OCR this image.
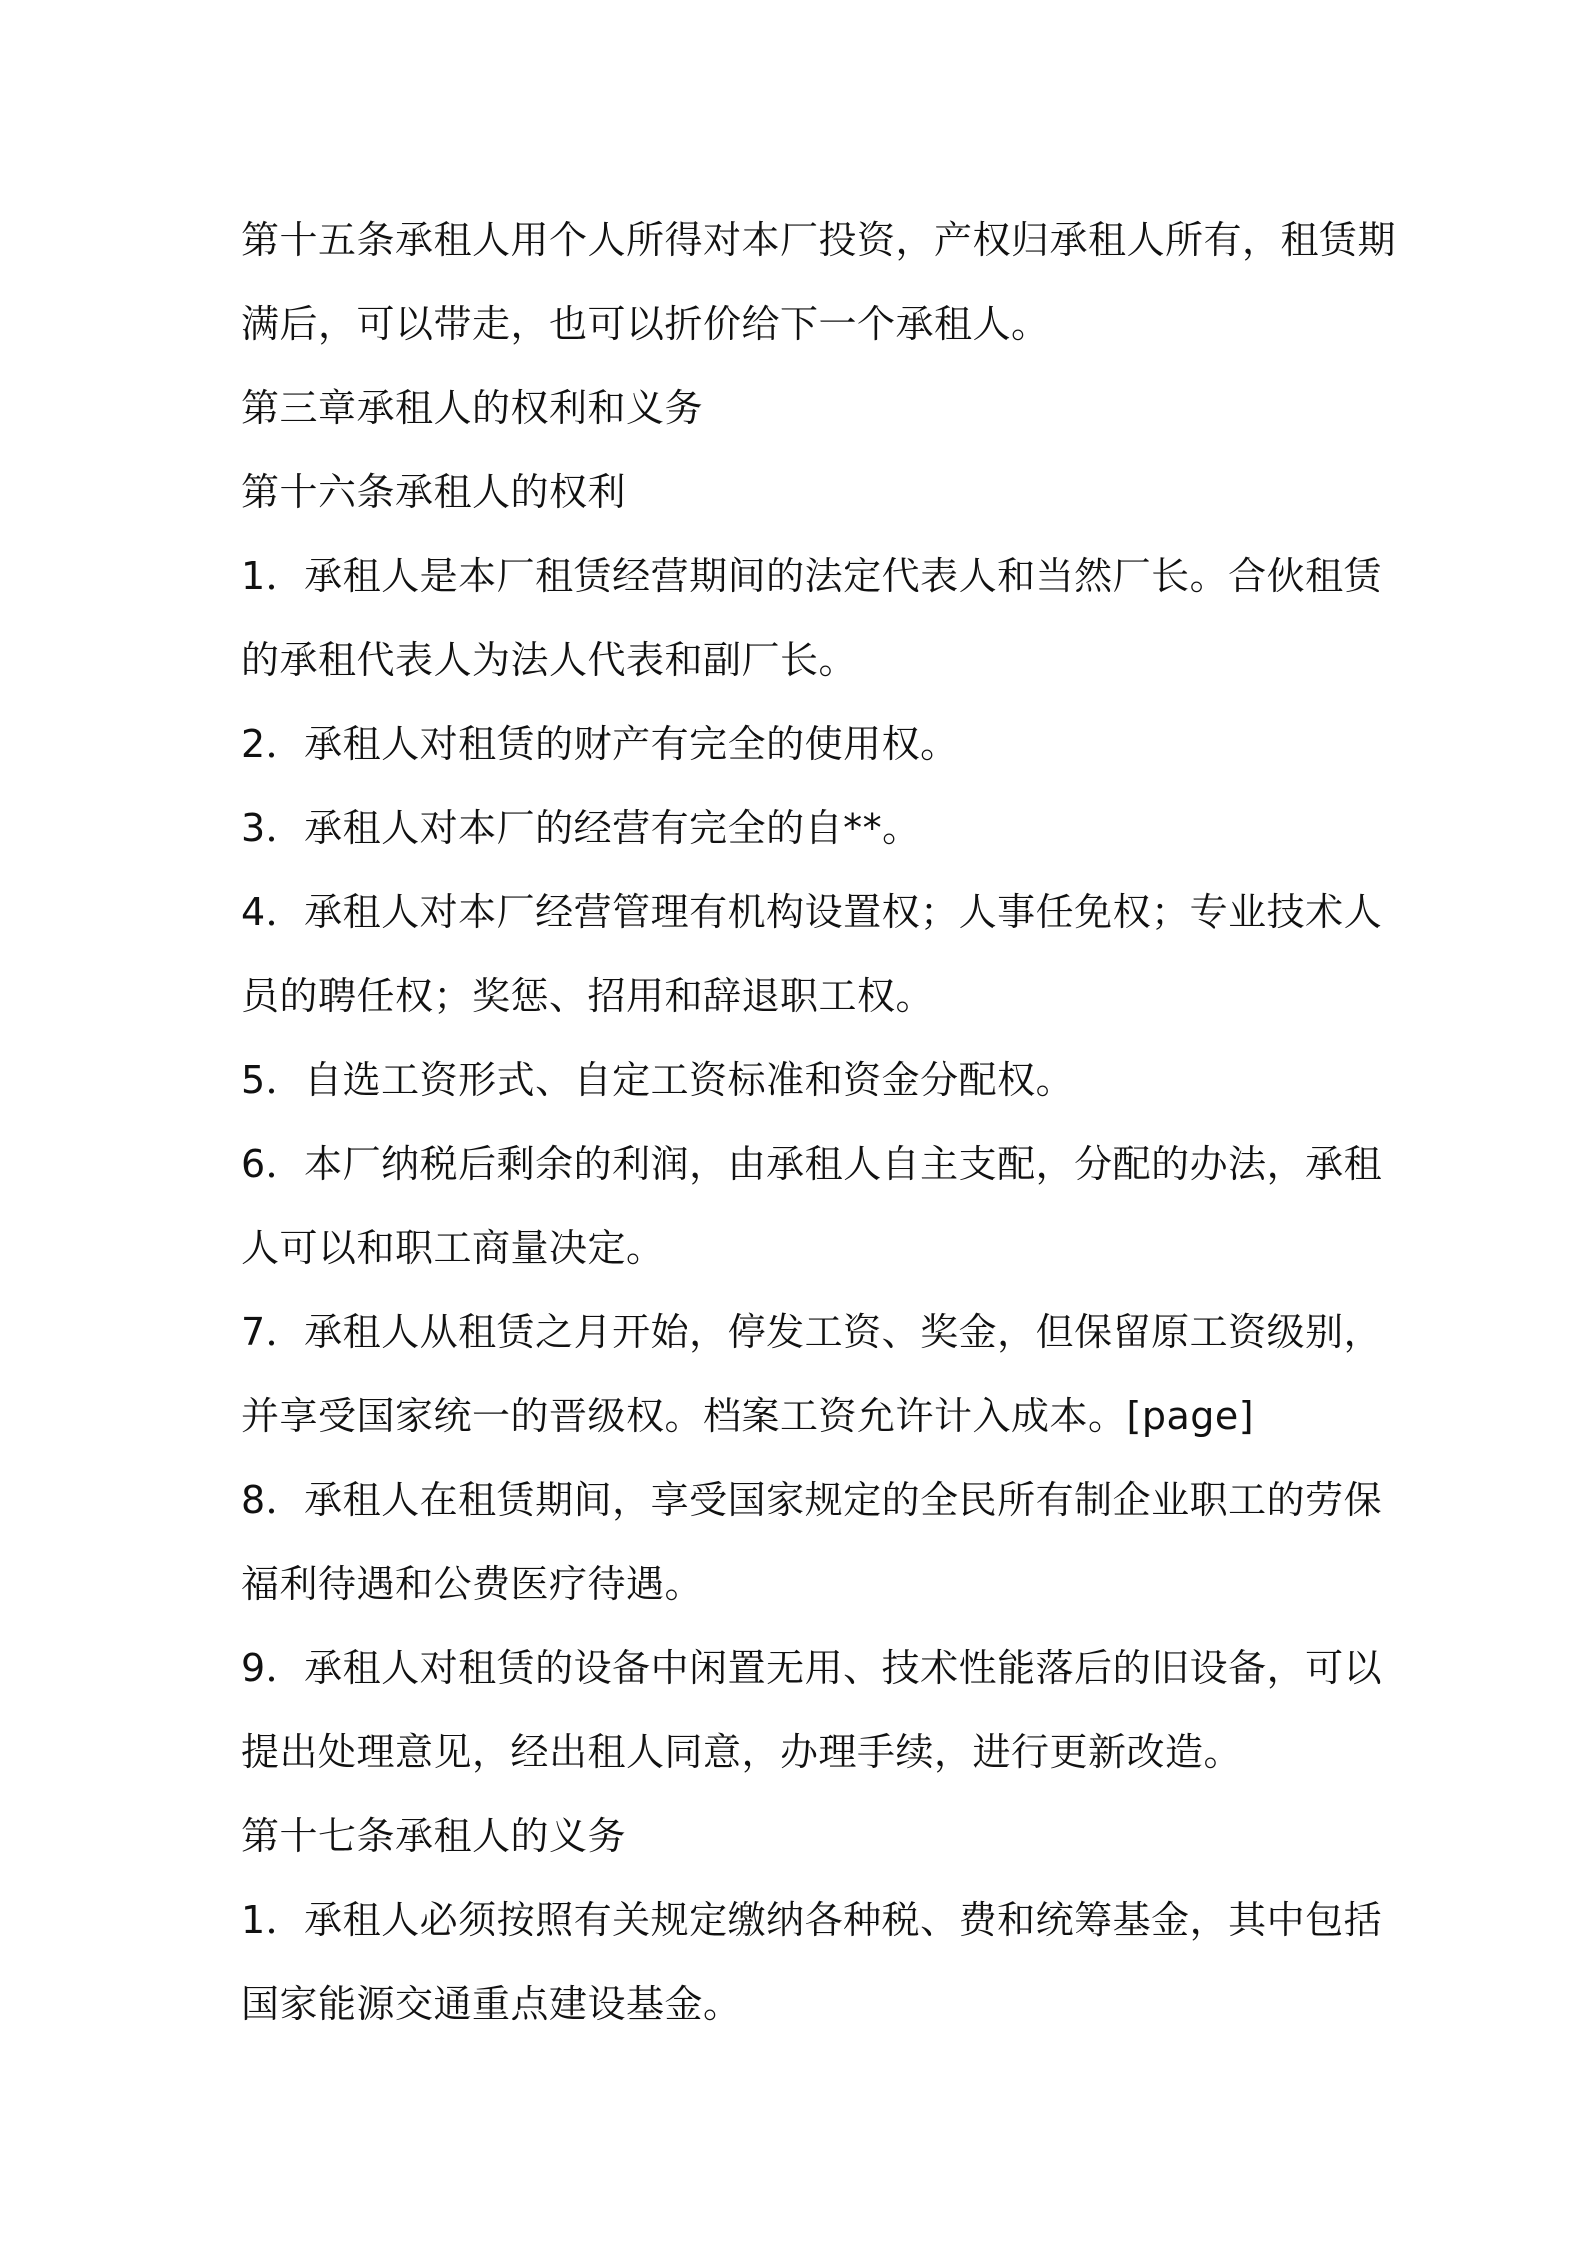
第十五条承租人用个人所得对本厂投资，产权归承租人所有，租赁期
满后，可以带走，也可以折价给下一个承租人。
第三章承租人的权利和义务
第十六条承租人的权利
1．承租人是本厂租赁经营期间的法定代表人和当然厂长。合伙租赁
的承租代表人为法人代表和副厂长。
2．承租人对租赁的财产有完全的使用权。
3．承租人对本厂的经营有完全的自**。
4．承租人对本厂经营管理有机构设置权；人事任免权；专业技术人
员的聘任权；奖惩、招用和辞退职工权。
5．自选工资形式、自定工资标准和资金分配权。
6．本厂纳税后剩余的利润，由承租人自主支配，分配的办法，承租
人可以和职工商量决定。
7．承租人从租赁之月开始，停发工资、奖金，但保留原工资级别，
并享受国家统一的晋级权。档案工资允许计入成本。[page]
8．承租人在租赁期间，享受国家规定的全民所有制企业职工的劳保
福利待遇和公费医疗待遇。
9．承租人对租赁的设备中闲置无用、技术性能落后的旧设备，可以
提出处理意见，经出租人同意，办理手续，进行更新改造。
第十七条承租人的义务
1．承租人必须按照有关规定缴纳各种税、费和统筹基金，其中包括
国家能源交通重点建设基金。
